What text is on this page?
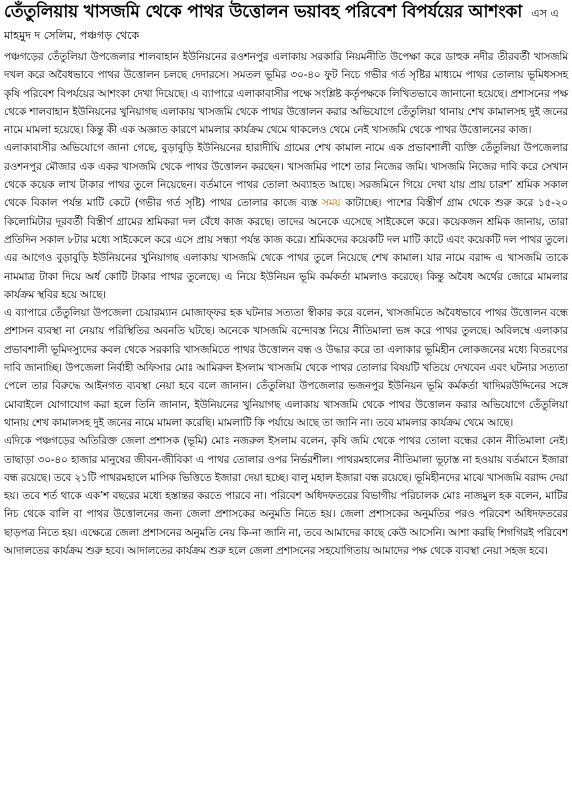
তেঁতুলিয়ায় খাসজমি থেকে পাথর উত্তোলন ভয়াবহ পরিবেশ বিপর্যয়ের আশংকা এস এ মাহমুদ দ সেলিম, পঞ্চগড় থেকে

পঞ্চগড়ের তেঁতুলিয়া উপজেলার শালবাহান ইউনিয়নের রওশনপুর এলাকায় সরকারি নিয়মনীতি উপেক্ষা করে ডাহুক নদীর তীরবর্তী খাসজমি দখল করে অবৈধভাবে পাথর উত্তোলন চলছে দেদারসে। সমতল ভূমির ৩০-৪০ ফুট নিচে গভীর গর্ত সৃষ্টির মাধ্যমে পাথর তোলায় ভূমিধসসহ কৃষি পরিবেশ বিপর্যয়ের আশংকা দেখা দিয়েছে। এ ব্যাপারে এলাকাবাসীর পক্ষে সংশ্লিষ্ট কর্তৃপক্ষকে লিখিতভাবে জানানো হয়েছে। প্রশাসনের পক্ষ থেকে শালবাহান ইউনিয়নের খুনিয়াগছ এলাকায় খাসজমি থেকে পাথর উত্তোলন করার অভিযোগে তেঁতুলিয়া থানায় শেখ কামালসহ দুই জনের নামে মামলা হয়েছে। কিন্তু কী এক অজ্ঞাত কারণে মামলার কার্যক্রম থেমে থাকলেও থেমে নেই খাসজমি থেকে পাথর উত্তোলনের কাজ।

এলাকাবাসীর অভিযোগে জানা গেছে, বুড়াবুড়ি ইউনিয়নের হারাদীঘি গ্রামের শেখ কামাল নামে এক প্রভাবশালী ব্যক্তি তেঁতুলিয়া উপজেলার রওশনপুর মৌজার এক একর খাসজমি থেকে পাথর উত্তোলন করছেন। খাসজমির পাশে তার নিজের জমি। খাসজমি নিজের দাবি করে সেখান থেকে কয়েক লাখ টাকার পাথর তুলে নিয়েছেন। বর্তমানে পাথর তোলা অব্যাহত আছে। সরজমিনে গিয়ে দেখা যায় প্রায় চারশ’ শ্রমিক সকাল থেকে বিকাল পর্যন্ত মাটি কেটে (গভীর গর্ত সৃষ্টি) পাথর তোলার কাজে ব্যস্ত সময় কাটাচ্ছে। পাশের বিস্তীর্ণ গ্রাম থেকে শুরু করে ১৫-২০ কিলোমিটার দূরবর্তী বিস্তীর্ণ গ্রামের শ্রমিকরা দল বেঁধে কাজ করছে। তাদের অনেকে এসেছে সাইকেলে করে। কয়েকজন শ্রমিক জানায়, তারা প্রতিদিন সকাল ৮টার মধ্যে সাইকেলে করে এসে প্রায় সন্ধ্যা পর্যন্ত কাজ করে। শ্রমিকদের কয়েকটি দল মাটি কাটে এবং কয়েকটি দল পাথর তুলে। এর আগেও বুড়াবুড়ি ইউনিয়নের খুনিয়াগছ এলাকায় খাসজমি থেকে পাথর তুলে নিয়েছে শেখ কামাল। যার নামে বরাদ্দ এ খাসজমি তাকে নামমাত্র টাকা দিয়ে অর্ধ কোটি টাকার পাথর তুলেছে। এ নিয়ে ইউনিয়ন ভূমি কর্মকর্তা মামলাও করেছে। কিন্তু অবৈধ অর্থের জোরে মামলার কার্যক্রম স্থবির হয়ে আছে।

এ ব্যাপারে তেঁতুলিয়া উপজেলা চেয়ারম্যান মোজাফ্ফর হক ঘটনার সত্যতা স্বীকার করে বলেন, খাসজমিতে অবৈধভাবে পাথর উত্তোলন বন্ধে প্রশাসন ব্যবস্থা না নেয়ায় পরিস্থিতির অবনতি ঘটছে। অনেকে খাসজমি বন্দোবস্ত নিয়ে নীতিমালা ভঙ্গ করে পাথর তুলছে। অবিলম্বে এলাকার প্রভাবশালী ভূমিদস্যুদের কবল থেকে সরকারি খাসজমিতে পাথর উত্তোলন বন্ধ ও উদ্ধার করে তা এলাকার ভূমিহীন লোকজনের মধ্যে বিতরণের দাবি জানাচ্ছি। উপজেলা নির্বাহী অফিসার মোঃ আমিরুল ইসলাম খাসজমি থেকে পাথর তোলার বিষয়টি খতিয়ে দেখবেন এবং ঘটনার সত্যতা পেলে তার বিরুদ্ধে আইনগত ব্যবস্থা নেয়া হবে বলে জানান। তেঁতুলিয়া উপজেলার ভজনপুর ইউনিয়ন ভূমি কর্মকর্তা খাদিমরউদ্দিনের সঙ্গে মোবাইলে যোগাযোগ করা হলে তিনি জানান, ইউনিয়নের খুনিয়াগছ এলাকায় খাসজমি থেকে পাথর উত্তোলন করার অভিযোগে তেঁতুলিয়া থানায় শেখ কামালসহ দুই জনের নামে মামলা করেছি। মামলাটি কি পর্যায়ে আছে তা জানি না। তবে মামলার কার্যক্রম থেমে আছে।

এদিকে পঞ্চগড়ের অতিরিক্ত জেলা প্রশাসক (ভূমি) মোঃ নজরুল ইসলাম বলেন, কৃষি জমি থেকে পাথর তোলা বন্ধের কোন নীতিমালা নেই। তাছাড়া ৩০-৪০ হাজার মানুষের জীবন-জীবিকা এ পাথর তোলার ওপর নির্ভরশীল। পাথরমহালের নীতিমালা ভূঢ়াস্ত না হওয়ায় বর্তমানে ইজারা বন্ধ রয়েছে। তবে ২১টি পাথরমহালে মাসিক ভিত্তিতে ইজারা দেয়া হচ্ছে। বালু মহাল ইজারা বন্ধ রয়েছে। ভূমিহীনদের মাঝে খাসজমি বরাদ্দ দেয়া হয়। তবে শর্ত থাকে এক’শ বছরের মধ্যে হস্তান্তর করতে পারবে না। পরিবেশ অধিদফতরের বিভাগীয় পরিচালক মোঃ নাজমুল হক বলেন, মাটির নিচ থেকে বালি বা পাথর উত্তোলনের জন্য জেলা প্রশাসকের অনুমতি নিতে হয়। জেলা প্রশাসকের অনুমতির পরও পরিবেশ অধিদফতরের ছাড়পত্র নিতে হয়। এক্ষেত্রে জেলা প্রশাসনের অনুমতি নেয় কি-না জানি না, তবে আমাদের কাছে কেউ আসেনি। আশা করছি শিগগিরই পরিবেশ আদালতের কার্যক্রম শুরু হবে। আদালতের কার্যক্রম শুরু হলে জেলা প্রশাসনের সহযোগিতায় আমাদের পক্ষ থেকে ব্যবস্থা নেয়া সহজ হবে।
